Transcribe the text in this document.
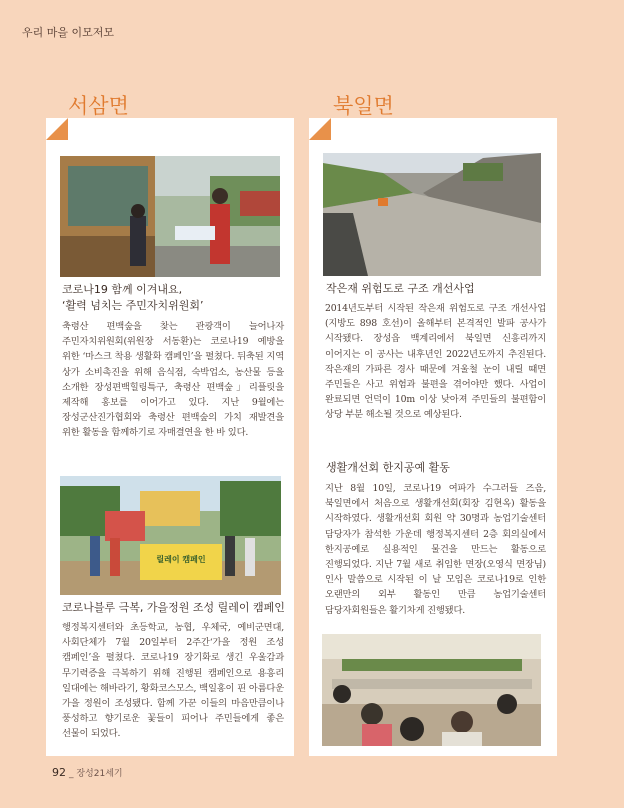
우리 마을 이모저모
서삼면	북일면
코로나19 함께 이겨내요,
‘활력 넘치는 주민자치위원회’
축령산 편백숲을 찾는 관광객이 늘어나자 주민자치위원회(위원장 서동환)는 코로나19 예방을 위한 ‘마스크 착용 생활화 캠페인’을 펼쳤다. 뒤축된 지역 상가 소비촉진을 위해 음식점, 숙박업소, 농산물 등을 소개한 장성편백힐링특구, 축령산 편백숲」리플릿을 제작해 홍보를 이어가고 있다. 지난 9월에는 장성군산진가협회와 축령산 편백숲의 가치 재발견을 위한 활동을 함께하기로 자매결연을 한 바 있다.
릴레이 캠페인
코로나블루 극복, 가을정원 조성 릴레이 캠페인
행정복지센터와 초등학교, 농협, 우체국, 예비군면대, 사회단체가 7월 20일부터 2주간‘가을 정원 조성 캠페인’을 펼쳤다. 코로나19 장기화로 생긴 우울감과 무기력증을 극복하기 위해 진행된 캠페인으로 용흥리 일대에는 해바라기, 황화코스모스, 백일홍이 핀 아름다운 가을 정원이 조성됐다. 함께 가꾼 이들의 마음만큼이나 풍성하고 향기로운 꽃들이 피어나 주민들에게 좋은 선물이 되었다.
작은재 위험도로 구조 개선사업
2014년도부터 시작된 작은재 위험도로 구조 개선사업(지방도 898 호선)이 올해부터 본격적인 발파 공사가 시작됐다. 장성읍 백계리에서 북일면 신흥리까지 이어지는 이 공사는 내후년인 2022년도까지 추진된다. 작은재의 가파른 경사 때문에 겨울철 눈이 내릴 때면 주민들은 사고 위험과 불편을 겪어야만 했다. 사업이 완료되면 언덕이 10m 이상 낮아져 주민들의 불편함이 상당 부분 해소될 것으로 예상된다.
생활개선회 한지공예 활동
지난 8월 10일, 코로나19 여파가 수그러들 즈음, 북일면에서 처음으로 생활개선회(회장 김현옥) 활동을 시작하였다. 생활개선회 회원 약 30명과 농업기술센터 담당자가 참석한 가운데 행정복지센터 2층 회의실에서 한지공예로 실용적인 물건을 만드는 활동으로 진행되었다. 지난 7월 새로 취임한 면장(오영식 면장님) 인사 말씀으로 시작된 이 날 모임은 코로나19로 인한 오랜만의 외부 활동인 만큼 농업기술센터 담당자회원들은 활기차게 진행됐다.
92 _ 장성21세기
